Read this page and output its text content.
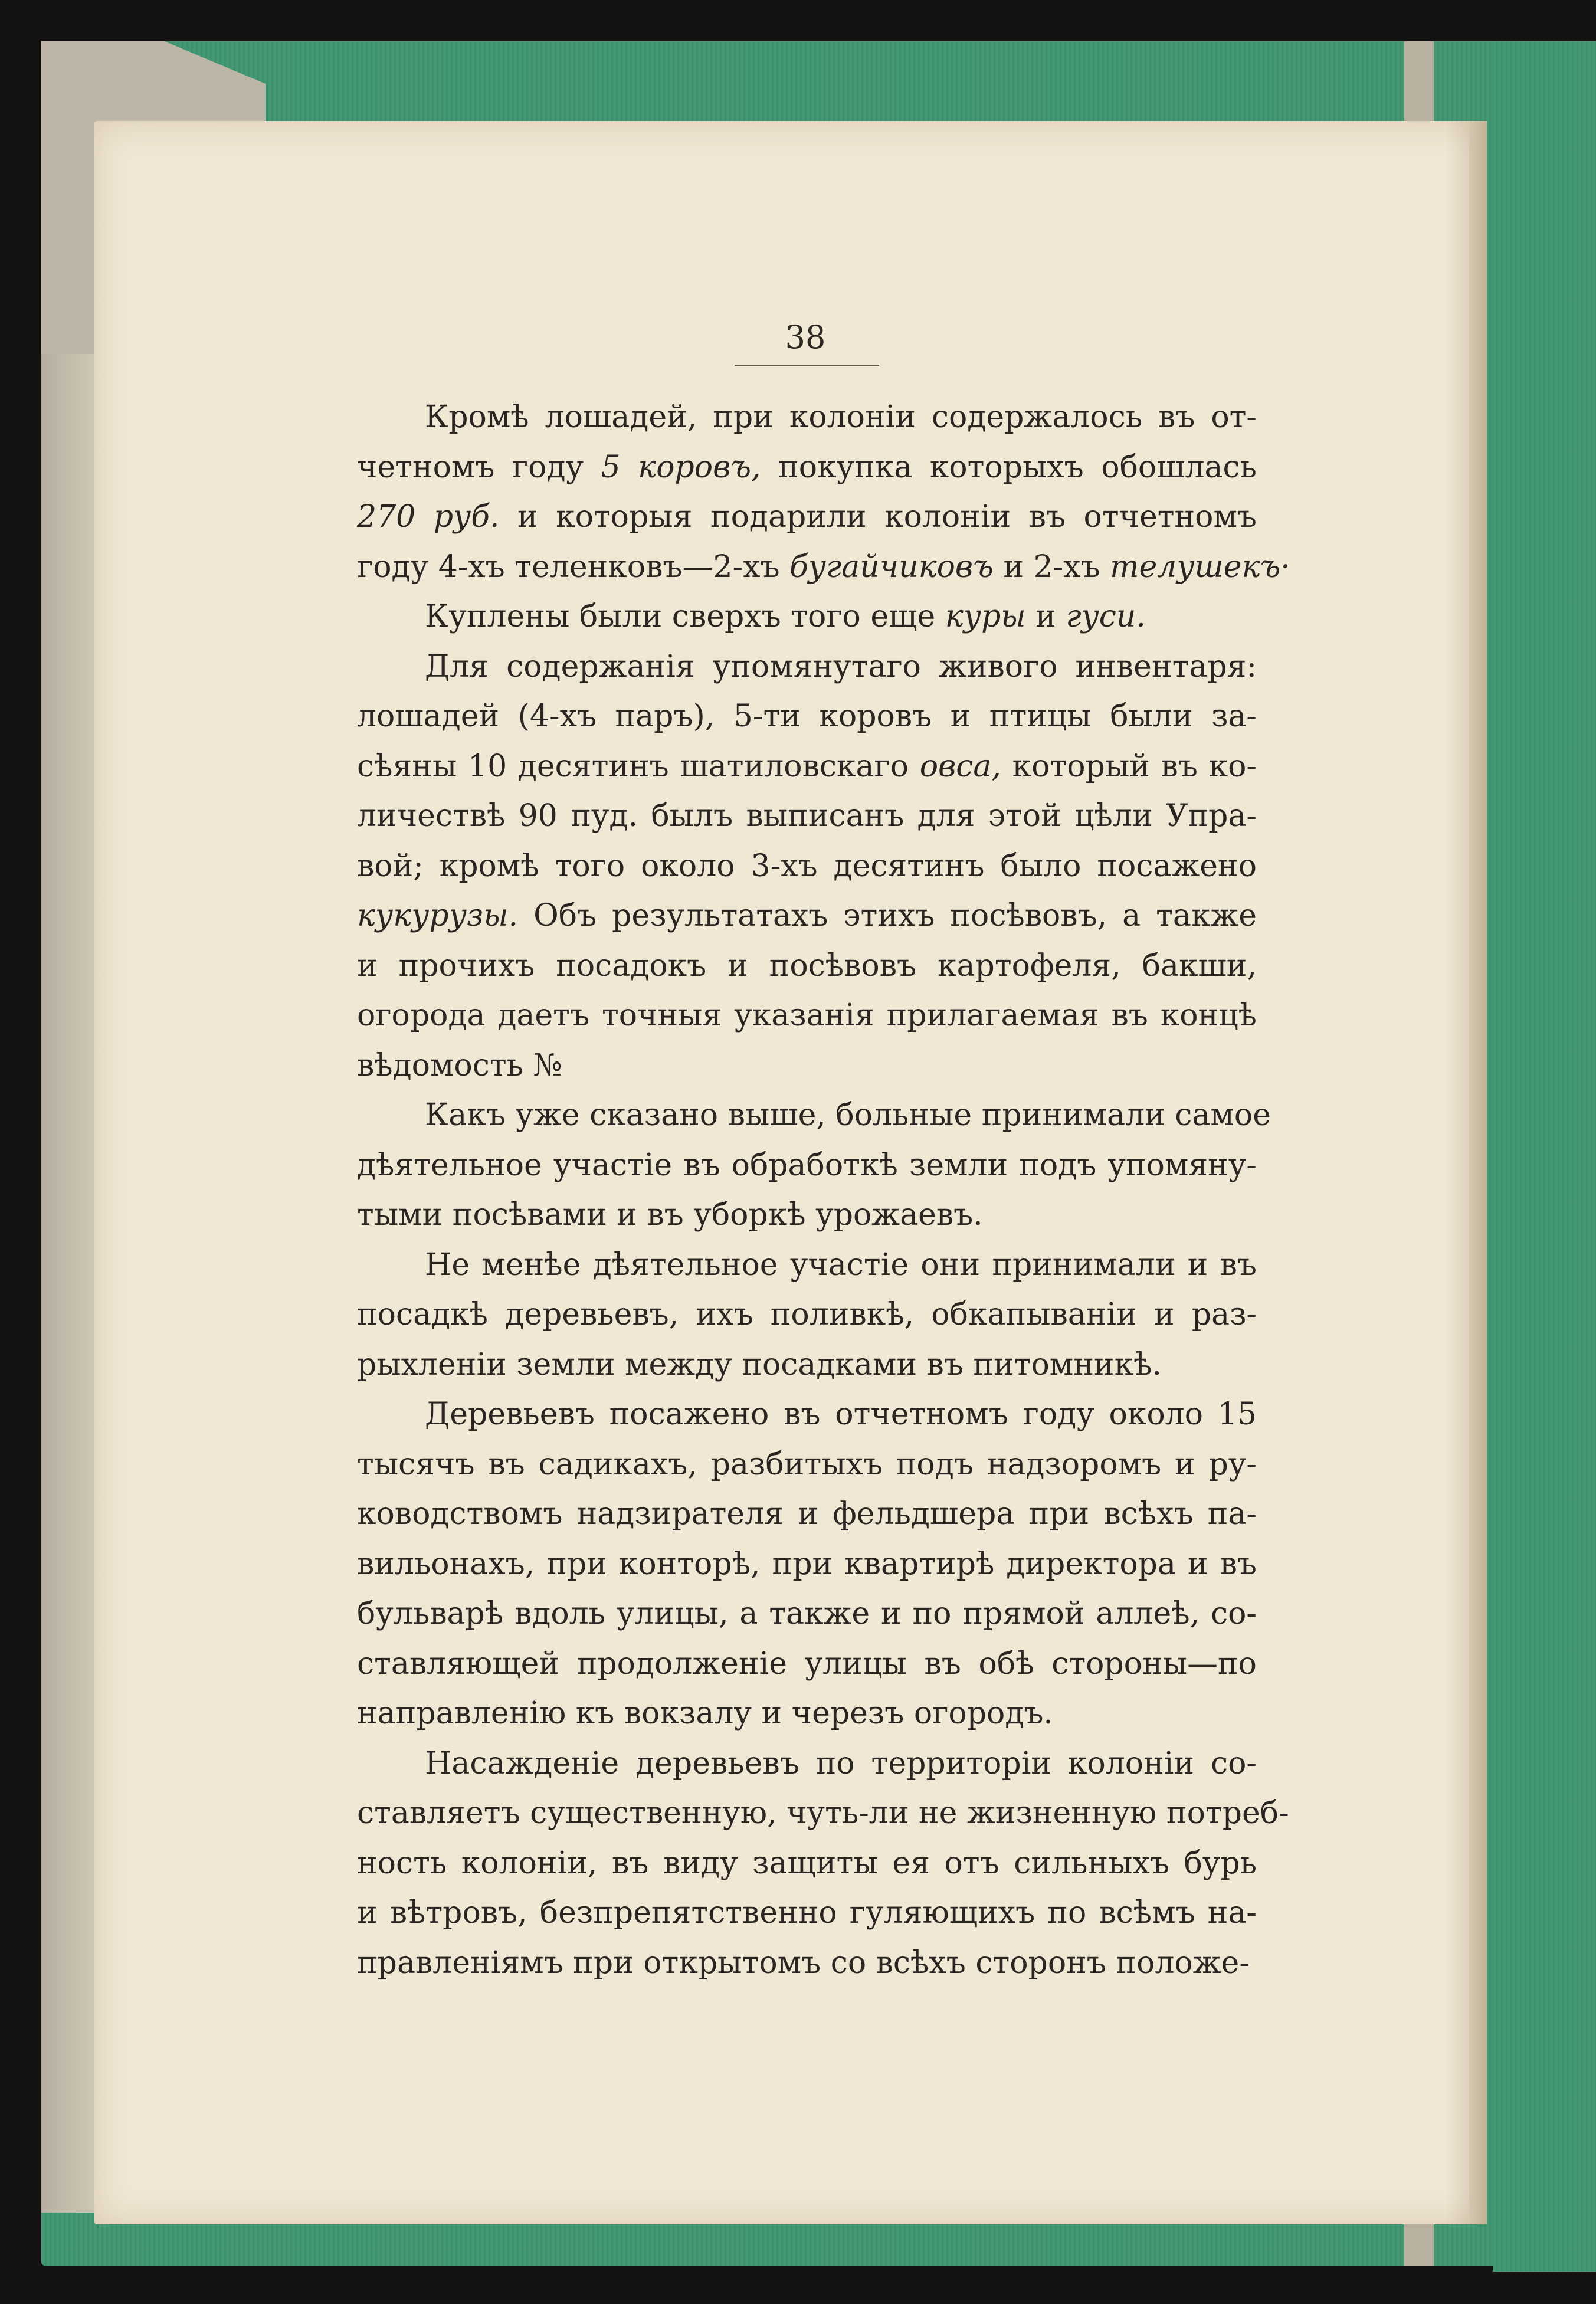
38
Кромѣ лошадей, при колоніи содержалось въ от-
четномъ году 5 коровъ, покупка которыхъ обошлась
270 руб. и которыя подарили колоніи въ отчетномъ
году 4-хъ теленковъ—2-хъ бугайчиковъ и 2-хъ телушекъ·
Куплены были сверхъ того еще куры и гуси.
Для содержанія упомянутаго живого инвентаря:
лошадей (4-хъ паръ), 5-ти коровъ и птицы были за-
сѣяны 10 десятинъ шатиловскаго овса, который въ ко-
личествѣ 90 пуд. былъ выписанъ для этой цѣли Упра-
вой; кромѣ того около 3-хъ десятинъ было посажено
кукурузы. Объ результатахъ этихъ посѣвовъ, а также
и прочихъ посадокъ и посѣвовъ картофеля, бакши,
огорода даетъ точныя указанія прилагаемая въ концѣ
вѣдомость №
Какъ уже сказано выше, больные принимали самое
дѣятельное участіе въ обработкѣ земли подъ упомяну-
тыми посѣвами и въ уборкѣ урожаевъ.
Не менѣе дѣятельное участіе они принимали и въ
посадкѣ деревьевъ, ихъ поливкѣ, обкапываніи и раз-
рыхленіи земли между посадками въ питомникѣ.
Деревьевъ посажено въ отчетномъ году около 15
тысячъ въ садикахъ, разбитыхъ подъ надзоромъ и ру-
ководствомъ надзирателя и фельдшера при всѣхъ па-
вильонахъ, при конторѣ, при квартирѣ директора и въ
бульварѣ вдоль улицы, а также и по прямой аллеѣ, со-
ставляющей продолженіе улицы въ обѣ стороны—по
направленію къ вокзалу и черезъ огородъ.
Насажденіе деревьевъ по территоріи колоніи со-
ставляетъ существенную, чуть-ли не жизненную потреб-
ность колоніи, въ виду защиты ея отъ сильныхъ бурь
и вѣтровъ, безпрепятственно гуляющихъ по всѣмъ на-
правленіямъ при открытомъ со всѣхъ сторонъ положе-
